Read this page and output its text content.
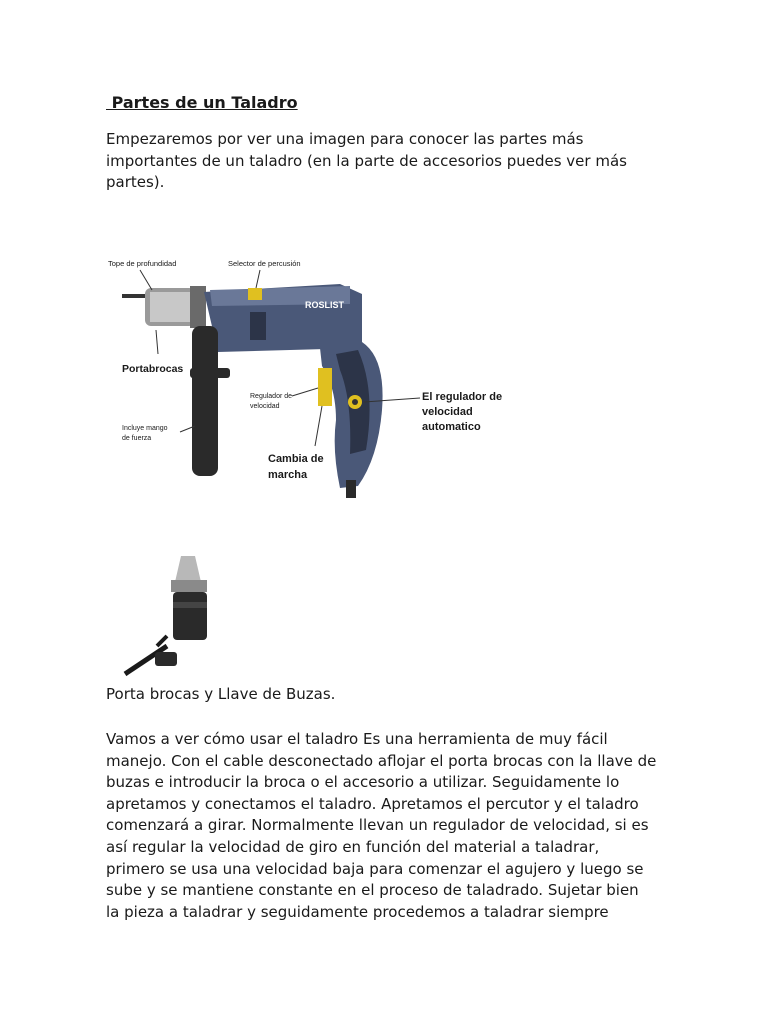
Partes de un Taladro

Empezaremos por ver una imagen para conocer las partes más
importantes de un taladro (en la parte de accesorios puedes ver más
partes).

ROSLIST
Tope de profundidad	Selector de percusión
Portabrocas
Regulador de
velocidad
Incluye mango
de fuerza
Cambia de
marcha
El regulador de
velocidad
automatico

Porta brocas y Llave de Buzas.

Vamos a ver cómo usar el taladro Es una herramienta de muy fácil
manejo. Con el cable desconectado aflojar el porta brocas con la llave de
buzas e introducir la broca o el accesorio a utilizar. Seguidamente lo
apretamos y conectamos el taladro. Apretamos el percutor y el taladro
comenzará a girar. Normalmente llevan un regulador de velocidad, si es
así regular la velocidad de giro en función del material a taladrar,
primero se usa una velocidad baja para comenzar el agujero y luego se
sube y se mantiene constante en el proceso de taladrado. Sujetar bien
la pieza a taladrar y seguidamente procedemos a taladrar siempre
